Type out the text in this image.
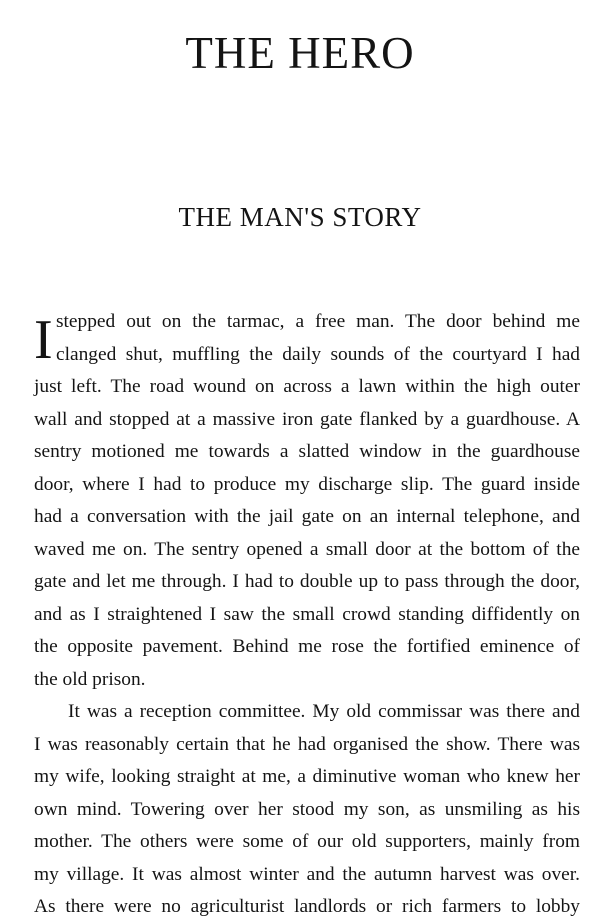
THE HERO
THE MAN'S STORY
I stepped out on the tarmac, a free man. The door behind me
clanged shut, muffling the daily sounds of the courtyard I had
just left. The road wound on across a lawn within the high outer
wall and stopped at a massive iron gate flanked by a guardhouse. A
sentry motioned me towards a slatted window in the guardhouse
door, where I had to produce my discharge slip. The guard inside
had a conversation with the jail gate on an internal telephone, and
waved me on. The sentry opened a small door at the bottom of the
gate and let me through. I had to double up to pass through the door,
and as I straightened I saw the small crowd standing diffidently on
the opposite pavement. Behind me rose the fortified eminence of
the old prison.
It was a reception committee. My old commissar was there and
I was reasonably certain that he had organised the show. There was
my wife, looking straight at me, a diminutive woman who knew her
own mind. Towering over her stood my son, as unsmiling as his
mother. The others were some of our old supporters, mainly from
my village. It was almost winter and the autumn harvest was over.
As there were no agriculturist landlords or rich farmers to lobby
